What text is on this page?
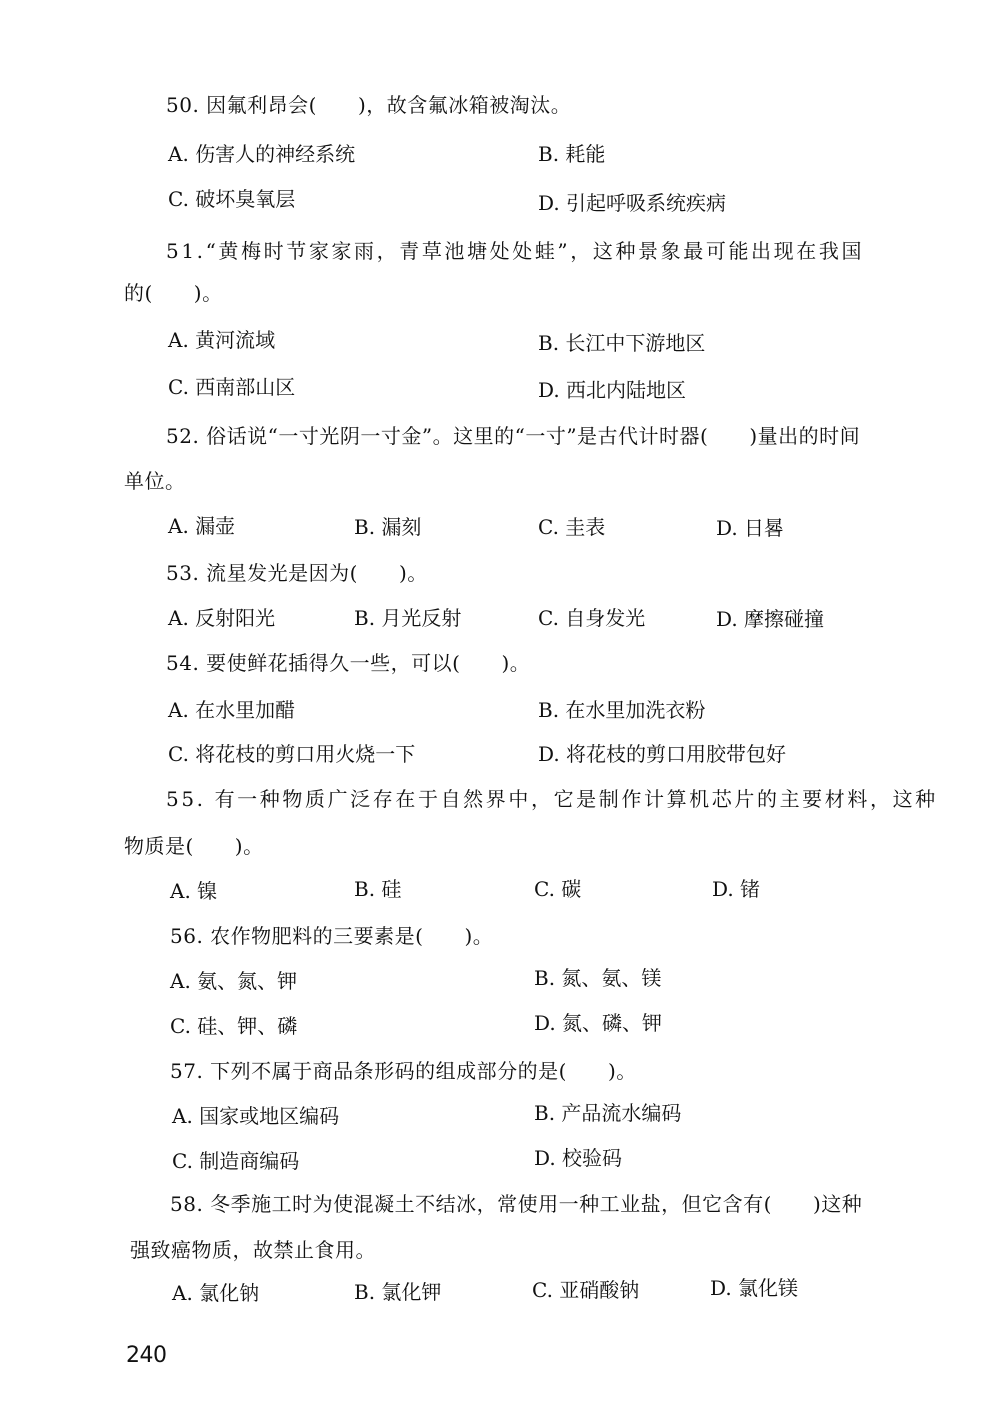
50. 因氟利昂会(　　)，故含氟冰箱被淘汰。
A. 伤害人的神经系统	B. 耗能
C. 破坏臭氧层	D. 引起呼吸系统疾病
51.“黄梅时节家家雨，青草池塘处处蛙”，这种景象最可能出现在我国
的(　　)。
A. 黄河流域	B. 长江中下游地区
C. 西南部山区	D. 西北内陆地区
52. 俗话说“一寸光阴一寸金”。这里的“一寸”是古代计时器(　　)量出的时间
单位。
A. 漏壶	B. 漏刻	C. 圭表	D. 日晷
53. 流星发光是因为(　　)。
A. 反射阳光	B. 月光反射	C. 自身发光	D. 摩擦碰撞
54. 要使鲜花插得久一些，可以(　　)。
A. 在水里加醋	B. 在水里加洗衣粉
C. 将花枝的剪口用火烧一下	D. 将花枝的剪口用胶带包好
55. 有一种物质广泛存在于自然界中，它是制作计算机芯片的主要材料，这种
物质是(　　)。
A. 镍	B. 硅	C. 碳	D. 锗
56. 农作物肥料的三要素是(　　)。
A. 氨、氮、钾	B. 氮、氨、镁
C. 硅、钾、磷	D. 氮、磷、钾
57. 下列不属于商品条形码的组成部分的是(　　)。
A. 国家或地区编码	B. 产品流水编码
C. 制造商编码	D. 校验码
58. 冬季施工时为使混凝土不结冰，常使用一种工业盐，但它含有(　　)这种
强致癌物质，故禁止食用。
A. 氯化钠	B. 氯化钾	C. 亚硝酸钠	D. 氯化镁
240
